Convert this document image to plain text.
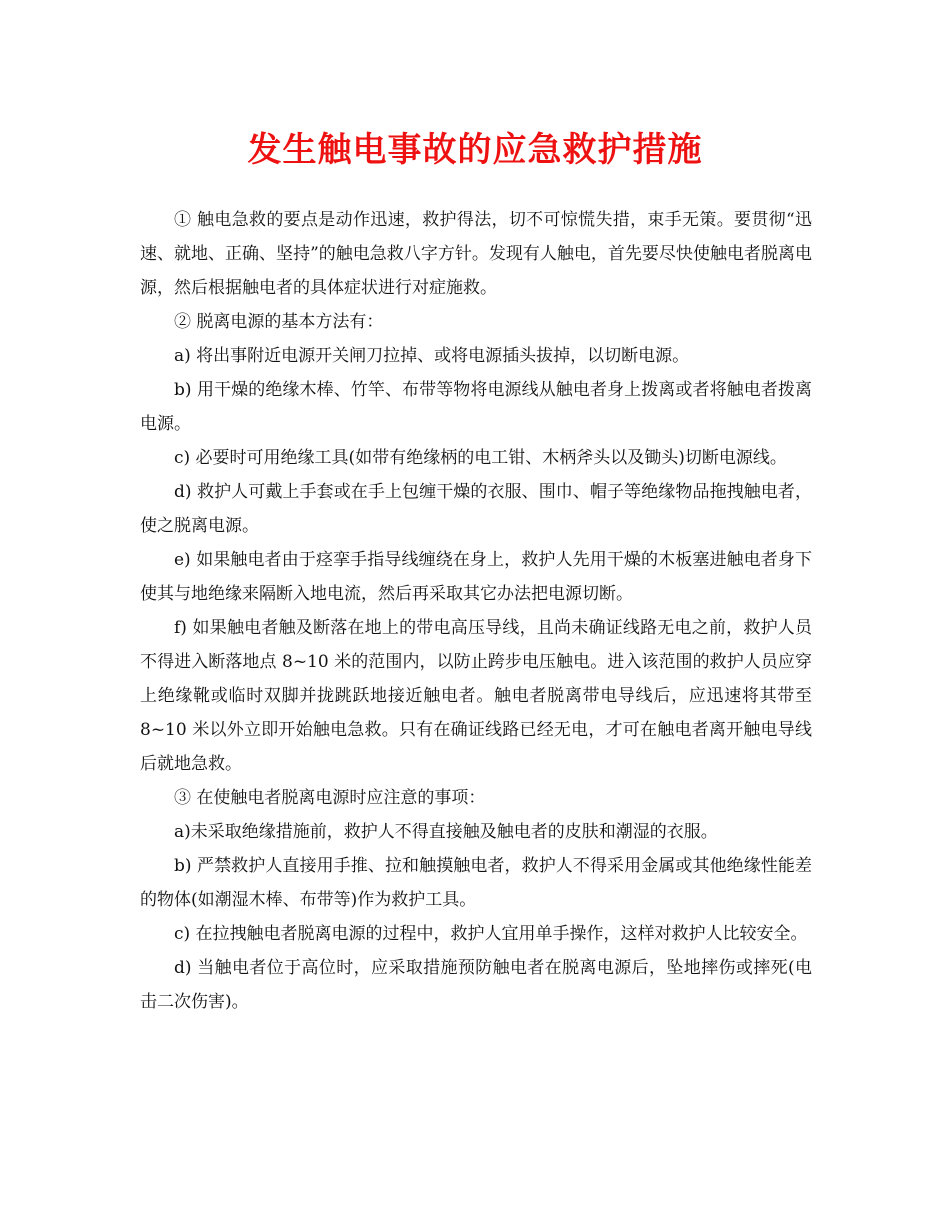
发生触电事故的应急救护措施

① 触电急救的要点是动作迅速，救护得法，切不可惊慌失措，束手无策。要贯彻“迅速、就地、正确、坚持”的触电急救八字方针。发现有人触电，首先要尽快使触电者脱离电源，然后根据触电者的具体症状进行对症施救。

② 脱离电源的基本方法有：

a) 将出事附近电源开关闸刀拉掉、或将电源插头拔掉，以切断电源。

b) 用干燥的绝缘木棒、竹竿、布带等物将电源线从触电者身上拨离或者将触电者拨离电源。

c) 必要时可用绝缘工具(如带有绝缘柄的电工钳、木柄斧头以及锄头)切断电源线。

d) 救护人可戴上手套或在手上包缠干燥的衣服、围巾、帽子等绝缘物品拖拽触电者，使之脱离电源。

e) 如果触电者由于痉挛手指导线缠绕在身上，救护人先用干燥的木板塞进触电者身下使其与地绝缘来隔断入地电流，然后再采取其它办法把电源切断。

f) 如果触电者触及断落在地上的带电高压导线，且尚未确证线路无电之前，救护人员不得进入断落地点 8~10 米的范围内，以防止跨步电压触电。进入该范围的救护人员应穿上绝缘靴或临时双脚并拢跳跃地接近触电者。触电者脱离带电导线后，应迅速将其带至 8~10 米以外立即开始触电急救。只有在确证线路已经无电，才可在触电者离开触电导线后就地急救。

③ 在使触电者脱离电源时应注意的事项：

a)未采取绝缘措施前，救护人不得直接触及触电者的皮肤和潮湿的衣服。

b) 严禁救护人直接用手推、拉和触摸触电者，救护人不得采用金属或其他绝缘性能差的物体(如潮湿木棒、布带等)作为救护工具。

c) 在拉拽触电者脱离电源的过程中，救护人宜用单手操作，这样对救护人比较安全。

d) 当触电者位于高位时，应采取措施预防触电者在脱离电源后，坠地摔伤或摔死(电击二次伤害)。
